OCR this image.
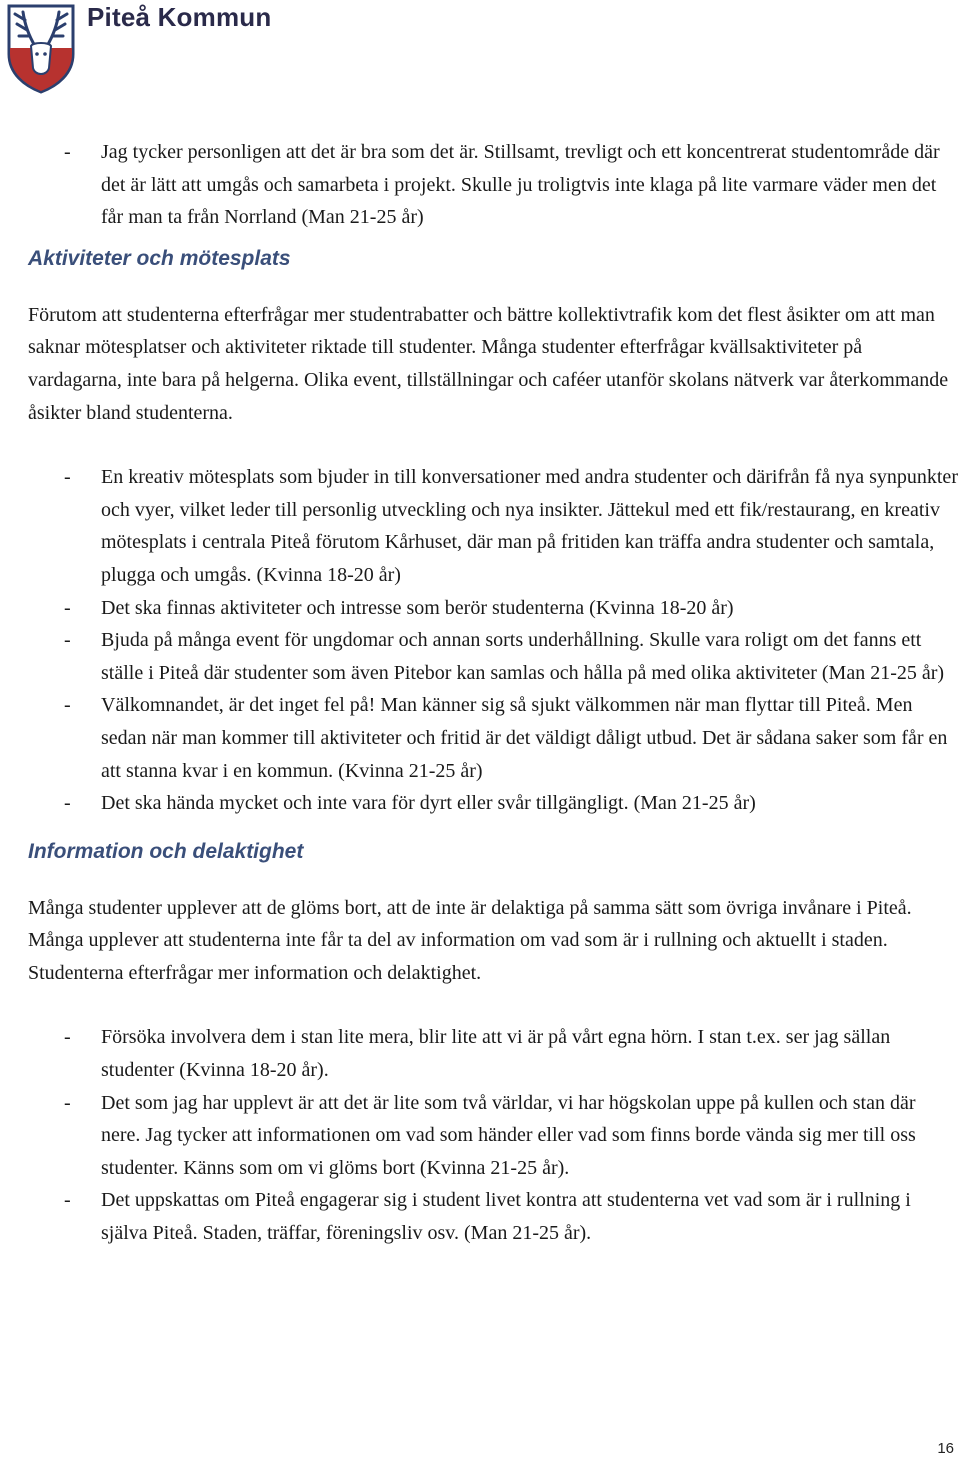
Piteå Kommun
- Jag tycker personligen att det är bra som det är. Stillsamt, trevligt och ett koncentrerat studentområde där det är lätt att umgås och samarbeta i projekt. Skulle ju troligtvis inte klaga på lite varmare väder men det får man ta från Norrland (Man 21-25 år)
Aktiviteter och mötesplats

Förutom att studenterna efterfrågar mer studentrabatter och bättre kollektivtrafik kom det flest åsikter om att man saknar mötesplatser och aktiviteter riktade till studenter. Många studenter efterfrågar kvällsaktiviteter på vardagarna, inte bara på helgerna. Olika event, tillställningar och caféer utanför skolans nätverk var återkommande åsikter bland studenterna.

- En kreativ mötesplats som bjuder in till konversationer med andra studenter och därifrån få nya synpunkter och vyer, vilket leder till personlig utveckling och nya insikter. Jättekul med ett fik/restaurang, en kreativ mötesplats i centrala Piteå förutom Kårhuset, där man på fritiden kan träffa andra studenter och samtala, plugga och umgås. (Kvinna 18-20 år)
- Det ska finnas aktiviteter och intresse som berör studenterna (Kvinna 18-20 år)
- Bjuda på många event för ungdomar och annan sorts underhållning. Skulle vara roligt om det fanns ett ställe i Piteå där studenter som även Pitebor kan samlas och hålla på med olika aktiviteter (Man 21-25 år)
- Välkomnandet, är det inget fel på! Man känner sig så sjukt välkommen när man flyttar till Piteå. Men sedan när man kommer till aktiviteter och fritid är det väldigt dåligt utbud. Det är sådana saker som får en att stanna kvar i en kommun. (Kvinna 21-25 år)
- Det ska hända mycket och inte vara för dyrt eller svår tillgängligt. (Man 21-25 år)
Information och delaktighet

Många studenter upplever att de glöms bort, att de inte är delaktiga på samma sätt som övriga invånare i Piteå. Många upplever att studenterna inte får ta del av information om vad som är i rullning och aktuellt i staden. Studenterna efterfrågar mer information och delaktighet.

- Försöka involvera dem i stan lite mera, blir lite att vi är på vårt egna hörn. I stan t.ex. ser jag sällan studenter (Kvinna 18-20 år).
- Det som jag har upplevt är att det är lite som två världar, vi har högskolan uppe på kullen och stan där nere. Jag tycker att informationen om vad som händer eller vad som finns borde vända sig mer till oss studenter. Känns som om vi glöms bort (Kvinna 21-25 år).
- Det uppskattas om Piteå engagerar sig i student livet kontra att studenterna vet vad som är i rullning i själva Piteå. Staden, träffar, föreningsliv osv. (Man 21-25 år).
16
